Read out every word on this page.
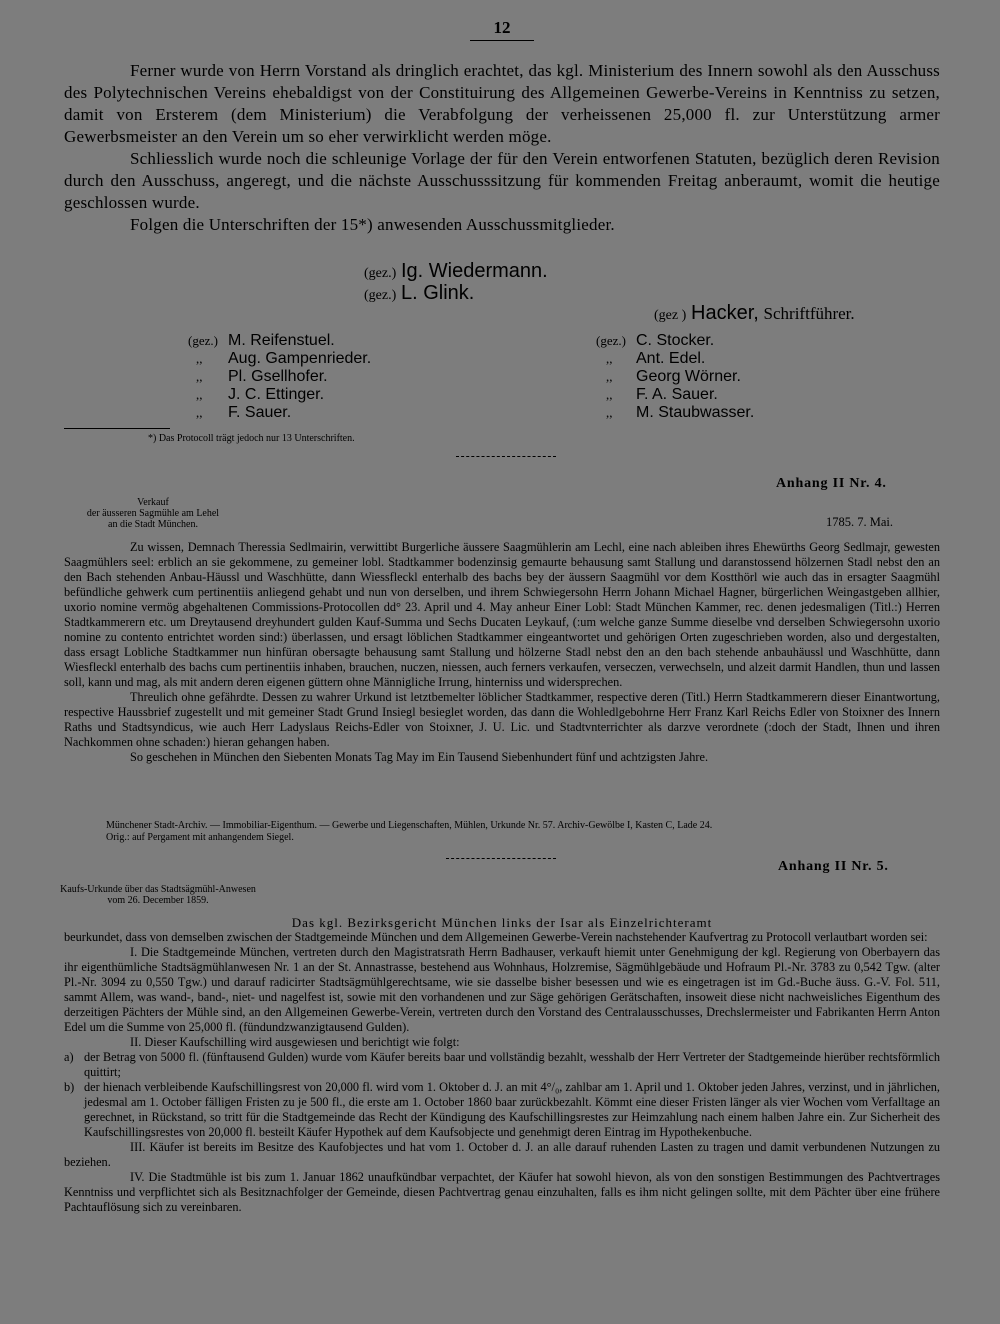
12

Ferner wurde von Herrn Vorstand als dringlich erachtet, das kgl. Ministerium des Innern sowohl als den Ausschuss des Polytechnischen Vereins ehebaldigst von der Constituirung des Allgemeinen Gewerbe-Vereins in Kenntniss zu setzen, damit von Ersterem (dem Ministerium) die Verabfolgung der verheissenen 25,000 fl. zur Unterstützung armer Gewerbsmeister an den Verein um so eher verwirklicht werden möge.

Schliesslich wurde noch die schleunige Vorlage der für den Verein entworfenen Statuten, bezüglich deren Revision durch den Ausschuss, angeregt, und die nächste Ausschusssitzung für kommenden Freitag anberaumt, womit die heutige geschlossen wurde.

Folgen die Unterschriften der 15*) anwesenden Ausschussmitglieder.

(gez.) Ig. Wiedermann.
(gez.) L. Glink.
(gez ) Hacker, Schriftführer.
(gez.) M. Reifenstuel.
,,	Aug. Gampenrieder.
,,	Pl. Gsellhofer.
,,	J. C. Ettinger.
,,	F. Sauer.
(gez.) C. Stocker.
,,	Ant. Edel.
,,	Georg Wörner.
,,	F. A. Sauer.
,,	M. Staubwasser.
*) Das Protocoll trägt jedoch nur 13 Unterschriften.
Anhang II Nr. 4.
Verkauf
der äusseren Sagmühle am Lehel
an die Stadt München.	1785. 7. Mai.

Zu wissen, Demnach Theressia Sedlmairin, verwittibt Burgerliche äussere Saagmühlerin am Lechl, eine nach ableiben ihres Ehewürths Georg Sedlmajr, gewesten Saagmühlers seel: erblich an sie gekommene, zu gemeiner lobl. Stadtkammer bodenzinsig gemaurte behausung samt Stallung und daranstossend hölzernen Stadl nebst den an den Bach stehenden Anbau-Häussl und Waschhütte, dann Wiessfleckl enterhalb des bachs bey der äussern Saagmühl vor dem Kostthörl wie auch das in ersagter Saagmühl befündliche gehwerk cum pertinentiis anliegend gehabt und nun von derselben, und ihrem Schwiegersohn Herrn Johann Michael Hagner, bürgerlichen Weingastgeben allhier, uxorio nomine vermög abgehaltenen Commissions-Protocollen dd° 23. April und 4. May anheur Einer Lobl: Stadt München Kammer, rec. denen jedesmaligen (Titl.:) Herren Stadtkammerern etc. um Dreytausend dreyhundert gulden Kauf-Summa und Sechs Ducaten Leykauf, (:um welche ganze Summe dieselbe vnd derselben Schwiegersohn uxorio nomine zu contento entrichtet worden sind:) überlassen, und ersagt löblichen Stadtkammer eingeantwortet und gehörigen Orten zugeschrieben worden, also und dergestalten, dass ersagt Lobliche Stadtkammer nun hinfüran obersagte behausung samt Stallung und hölzerne Stadl nebst den an den bach stehende anbauhäussl und Waschhütte, dann Wiesfleckl enterhalb des bachs cum pertinentiis inhaben, brauchen, nuczen, niessen, auch ferners verkaufen, verseczen, verwechseln, und alzeit darmit Handlen, thun und lassen soll, kann und mag, als mit andern deren eigenen güttern ohne Männigliche Irrung, hinterniss und widersprechen.

Threulich ohne gefährdte. Dessen zu wahrer Urkund ist letztbemelter löblicher Stadtkammer, respective deren (Titl.) Herrn Stadtkammerern dieser Einantwortung, respective Haussbrief zugestellt und mit gemeiner Stadt Grund Insiegl besieglet worden, das dann die Wohledlgebohrne Herr Franz Karl Reichs Edler von Stoixner des Innern Raths und Stadtsyndicus, wie auch Herr Ladyslaus Reichs-Edler von Stoixner, J. U. Lic. und Stadtvnterrichter als darzve verordnete (:doch der Stadt, Ihnen und ihren Nachkommen ohne schaden:) hieran gehangen haben.

So geschehen in München den Siebenten Monats Tag May im Ein Tausend Siebenhundert fünf und achtzigsten Jahre.

Münchener Stadt-Archiv. — Immobiliar-Eigenthum. — Gewerbe und Liegenschaften, Mühlen, Urkunde Nr. 57. Archiv-Gewölbe I, Kasten C, Lade 24.
Orig.: auf Pergament mit anhangendem Siegel.
Anhang II Nr. 5.
Kaufs-Urkunde über das Stadtsägmühl-Anwesen
vom 26. December 1859.

Das kgl. Bezirksgericht München links der Isar als Einzelrichteramt

beurkundet, dass von demselben zwischen der Stadtgemeinde München und dem Allgemeinen Gewerbe-Verein nachstehender Kaufvertrag zu Protocoll verlautbart worden sei:

I. Die Stadtgemeinde München, vertreten durch den Magistratsrath Herrn Badhauser, verkauft hiemit unter Genehmigung der kgl. Regierung von Oberbayern das ihr eigenthümliche Stadtsägmühlanwesen Nr. 1 an der St. Annastrasse, bestehend aus Wohnhaus, Holzremise, Sägmühlgebäude und Hofraum Pl.-Nr. 3783 zu 0,542 Tgw. (alter Pl.-Nr. 3094 zu 0,550 Tgw.) und darauf radicirter Stadtsägmühlgerechtsame, wie sie dasselbe bisher besessen und wie es eingetragen ist im Gd.-Buche äuss. G.-V. Fol. 511, sammt Allem, was wand-, band-, niet- und nagelfest ist, sowie mit den vorhandenen und zur Säge gehörigen Gerätschaften, insoweit diese nicht nachweisliches Eigenthum des derzeitigen Pächters der Mühle sind, an den Allgemeinen Gewerbe-Verein, vertreten durch den Vorstand des Centralausschusses, Drechslermeister und Fabrikanten Herrn Anton Edel um die Summe von 25,000 fl. (fündundzwanzigtausend Gulden).

II. Dieser Kaufschilling wird ausgewiesen und berichtigt wie folgt:

a) der Betrag von 5000 fl. (fünftausend Gulden) wurde vom Käufer bereits baar und vollständig bezahlt, wesshalb der Herr Vertreter der Stadtgemeinde hierüber rechtsförmlich quittirt;
b) der hienach verbleibende Kaufschillingsrest von 20,000 fl. wird vom 1. Oktober d. J. an mit 4°/₀, zahlbar am 1. April und 1. Oktober jeden Jahres, verzinst, und in jährlichen, jedesmal am 1. October fälligen Fristen zu je 500 fl., die erste am 1. October 1860 baar zurückbezahlt. Kömmt eine dieser Fristen länger als vier Wochen vom Verfalltage an gerechnet, in Rückstand, so tritt für die Stadtgemeinde das Recht der Kündigung des Kaufschillingsrestes zur Heimzahlung nach einem halben Jahre ein. Zur Sicherheit des Kaufschillingsrestes von 20,000 fl. besteilt Käufer Hypothek auf dem Kaufsobjecte und genehmigt deren Eintrag im Hypothekenbuche.

III. Käufer ist bereits im Besitze des Kaufobjectes und hat vom 1. October d. J. an alle darauf ruhenden Lasten zu tragen und damit verbundenen Nutzungen zu beziehen.

IV. Die Stadtmühle ist bis zum 1. Januar 1862 unaufkündbar verpachtet, der Käufer hat sowohl hievon, als von den sonstigen Bestimmungen des Pachtvertrages Kenntniss und verpflichtet sich als Besitznachfolger der Gemeinde, diesen Pachtvertrag genau einzuhalten, falls es ihm nicht gelingen sollte, mit dem Pächter über eine frühere Pachtauflösung sich zu vereinbaren.
